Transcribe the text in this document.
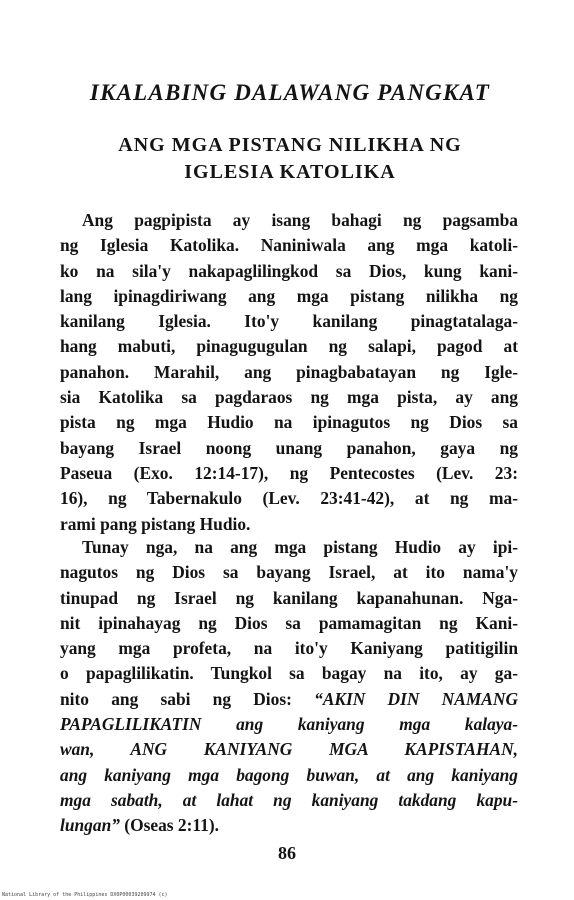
IKALABING DALAWANG PANGKAT
ANG MGA PISTANG NILIKHA NG
IGLESIA KATOLIKA
Ang pagpipista ay isang bahagi ng pagsamba
ng Iglesia Katolika. Naniniwala ang mga katoli-
ko na sila'y nakapaglilingkod sa Dios, kung kani-
lang ipinagdiriwang ang mga pistang nilikha ng
kanilang Iglesia. Ito'y kanilang pinagtatalaga-
hang mabuti, pinagugugulan ng salapi, pagod at
panahon. Marahil, ang pinagbabatayan ng Igle-
sia Katolika sa pagdaraos ng mga pista, ay ang
pista ng mga Hudio na ipinagutos ng Dios sa
bayang Israel noong unang panahon, gaya ng
Paseua (Exo. 12:14-17), ng Pentecostes (Lev. 23:
16), ng Tabernakulo (Lev. 23:41-42), at ng ma-
rami pang pistang Hudio.
Tunay nga, na ang mga pistang Hudio ay ipi-
nagutos ng Dios sa bayang Israel, at ito nama'y
tinupad ng Israel ng kanilang kapanahunan. Nga-
nit ipinahayag ng Dios sa pamamagitan ng Kani-
yang mga profeta, na ito'y Kaniyang patitigilin
o papaglilikatin. Tungkol sa bagay na ito, ay ga-
nito ang sabi ng Dios: “AKIN DIN NAMANG
PAPAGLILIKATIN ang kaniyang mga kalaya-
wan, ANG KANIYANG MGA KAPISTAHAN,
ang kaniyang mga bagong buwan, at ang kaniyang
mga sabath, at lahat ng kaniyang takdang kapu-
lungan” (Oseas 2:11).
86
National Library of the Philippines DX0P00039209974 (c)
